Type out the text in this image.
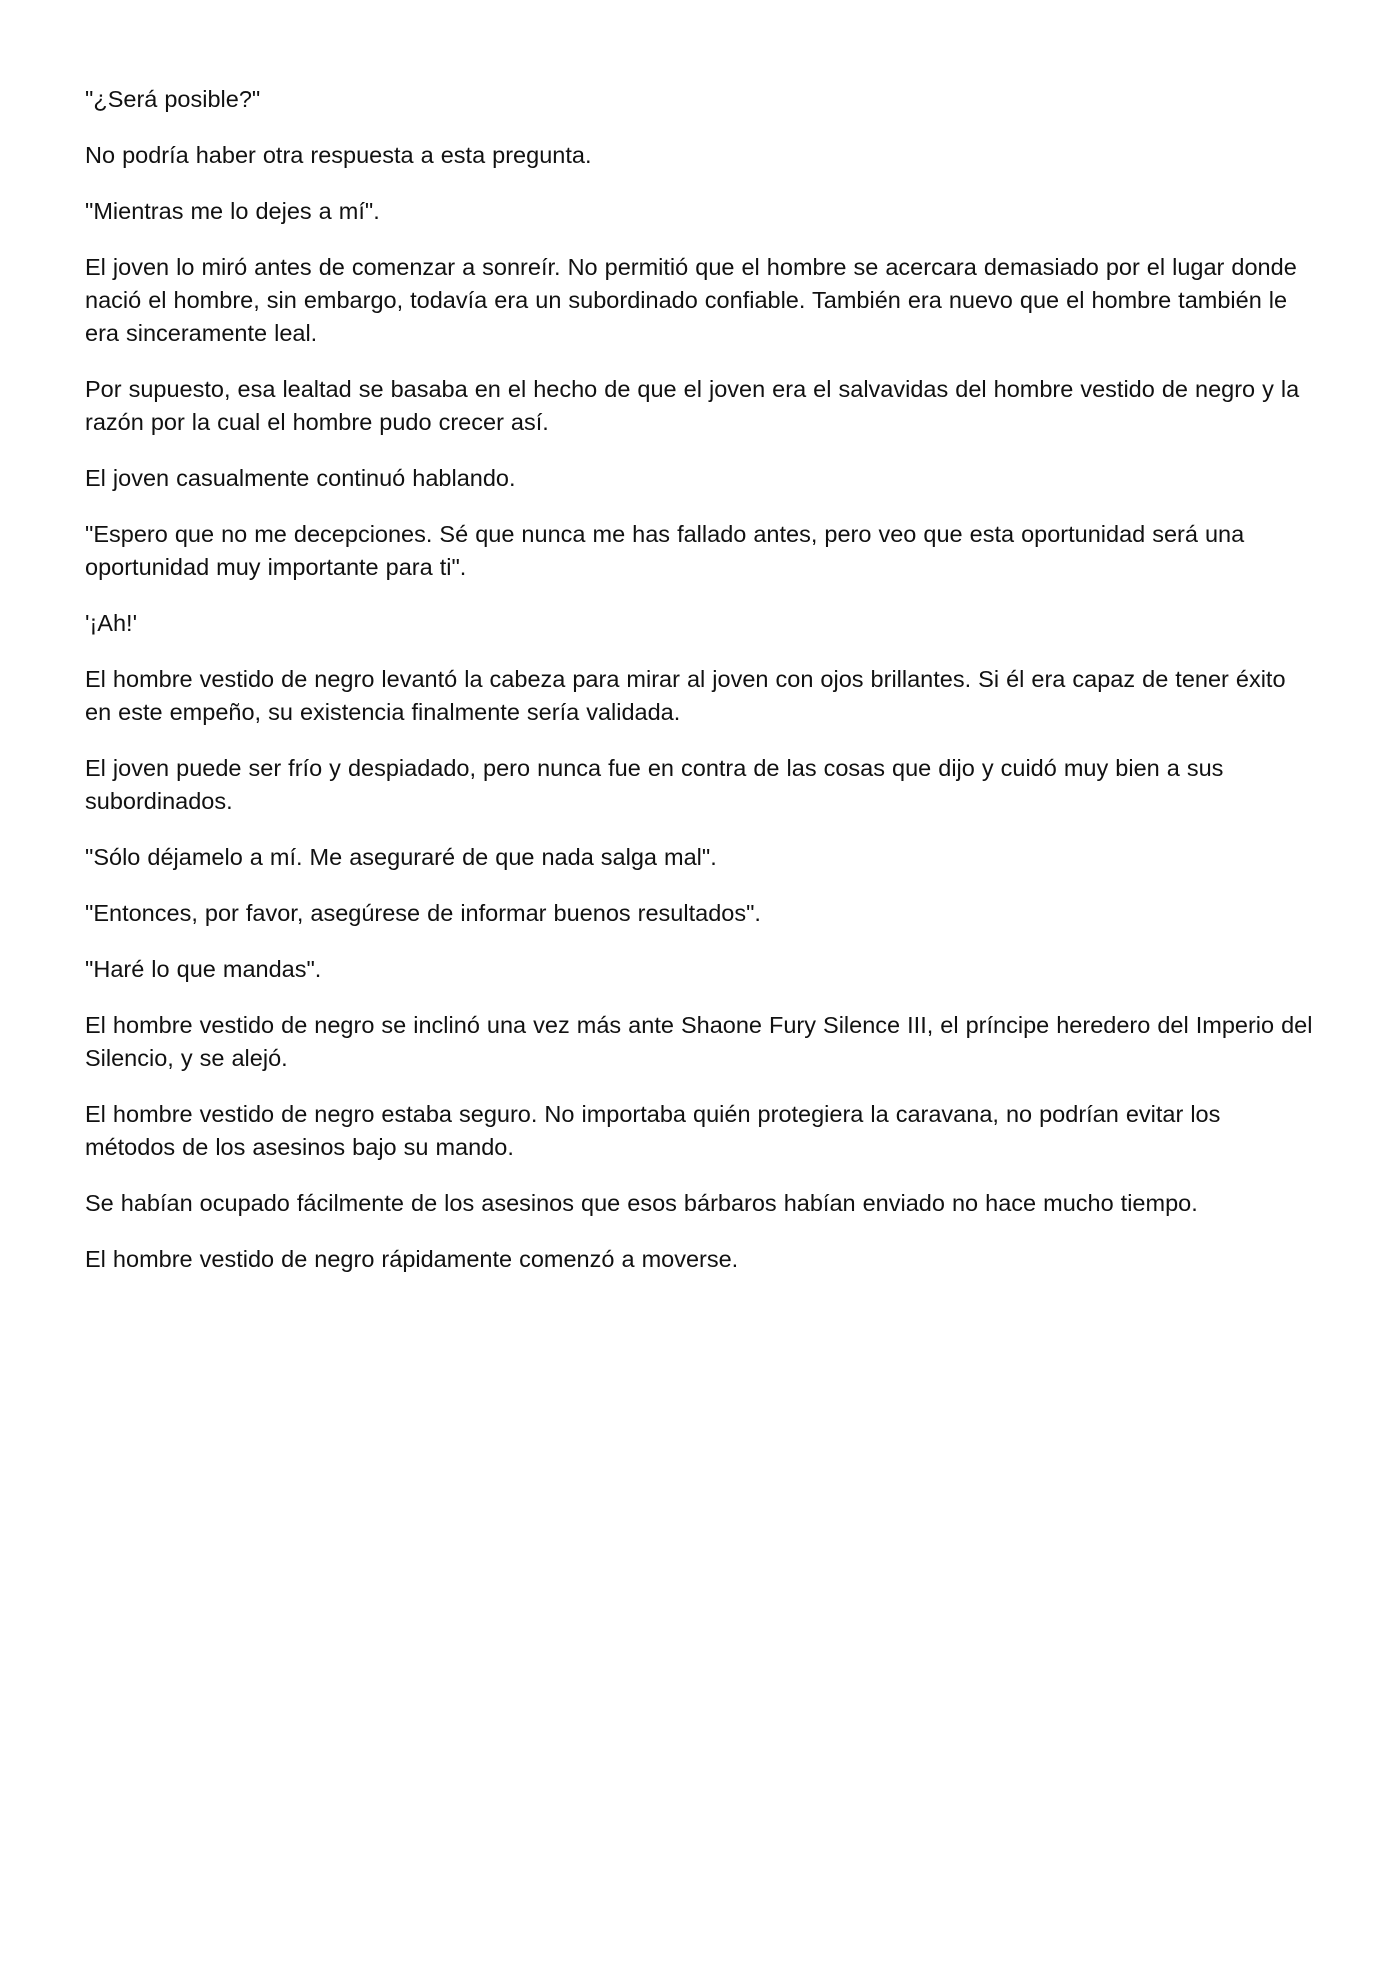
"¿Será posible?"

No podría haber otra respuesta a esta pregunta.

"Mientras me lo dejes a mí".

El joven lo miró antes de comenzar a sonreír. No permitió que el hombre se acercara demasiado por el lugar donde nació el hombre, sin embargo, todavía era un subordinado confiable. También era nuevo que el hombre también le era sinceramente leal.

Por supuesto, esa lealtad se basaba en el hecho de que el joven era el salvavidas del hombre vestido de negro y la razón por la cual el hombre pudo crecer así.

El joven casualmente continuó hablando.

"Espero que no me decepciones. Sé que nunca me has fallado antes, pero veo que esta oportunidad será una oportunidad muy importante para ti".

'¡Ah!'

El hombre vestido de negro levantó la cabeza para mirar al joven con ojos brillantes. Si él era capaz de tener éxito en este empeño, su existencia finalmente sería validada.

El joven puede ser frío y despiadado, pero nunca fue en contra de las cosas que dijo y cuidó muy bien a sus subordinados.

"Sólo déjamelo a mí. Me aseguraré de que nada salga mal".

"Entonces, por favor, asegúrese de informar buenos resultados".

"Haré lo que mandas".

El hombre vestido de negro se inclinó una vez más ante Shaone Fury Silence III, el príncipe heredero del Imperio del Silencio, y se alejó.

El hombre vestido de negro estaba seguro. No importaba quién protegiera la caravana, no podrían evitar los métodos de los asesinos bajo su mando.

Se habían ocupado fácilmente de los asesinos que esos bárbaros habían enviado no hace mucho tiempo.

El hombre vestido de negro rápidamente comenzó a moverse.
